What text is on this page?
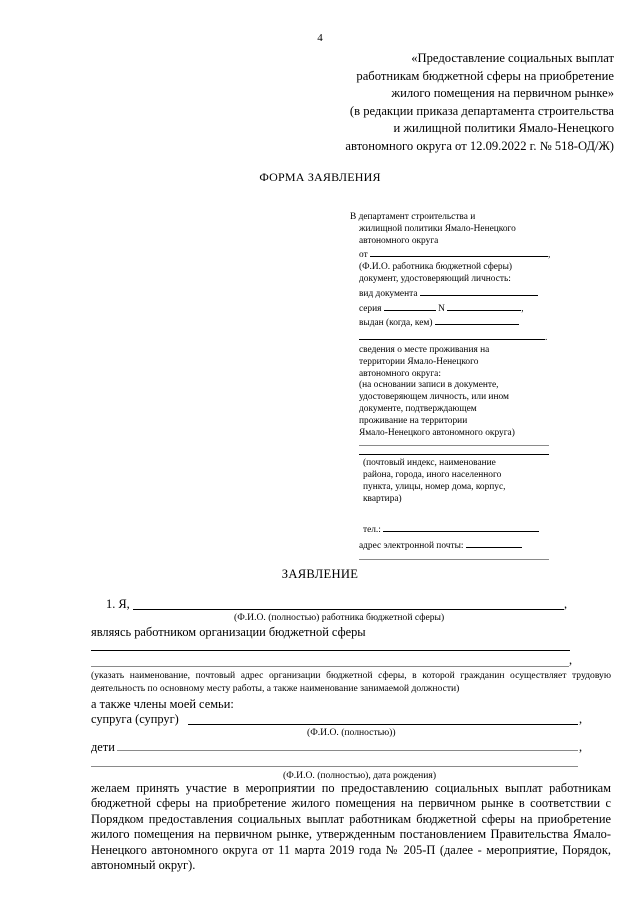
4
«Предоставление социальных выплат
работникам бюджетной сферы на приобретение
жилого помещения на первичном рынке»
(в редакции приказа департамента строительства
и жилищной политики Ямало-Ненецкого
автономного округа от 12.09.2022 г. № 518-ОД/Ж)
ФОРМА ЗАЯВЛЕНИЯ
В департамент строительства и
жилищной политики Ямало-Ненецкого
автономного округа
от	,
(Ф.И.О. работника бюджетной сферы)
документ, удостоверяющий личность:
вид документа
серия	N	,
выдан (когда, кем)
.
сведения о месте проживания на
территории Ямало-Ненецкого
автономного округа:
(на основании записи в документе,
удостоверяющем личность, или ином
документе, подтверждающем
проживание на территории
Ямало-Ненецкого автономного округа)
(почтовый индекс, наименование
района, города, иного населенного
пункта, улицы, номер дома, корпус,
квартира)
тел.:
адрес электронной почты:
ЗАЯВЛЕНИЕ
1. Я,	,
(Ф.И.О. (полностью) работника бюджетной сферы)
являясь работником организации бюджетной сферы
,
(указать наименование, почтовый адрес организации бюджетной сферы, в которой гражданин осуществляет трудовую деятельность по основному месту работы, а также наименование занимаемой должности)
а также члены моей семьи:
супруга (супруг)	,
(Ф.И.О. (полностью))
дети	,
(Ф.И.О. (полностью), дата рождения)
желаем принять участие в мероприятии по предоставлению социальных выплат работникам бюджетной сферы на приобретение жилого помещения на первичном рынке в соответствии с Порядком предоставления социальных выплат работникам бюджетной сферы на приобретение жилого помещения на первичном рынке, утвержденным постановлением Правительства Ямало-Ненецкого автономного округа от 11 марта 2019 года № 205-П (далее - мероприятие, Порядок, автономный округ).
